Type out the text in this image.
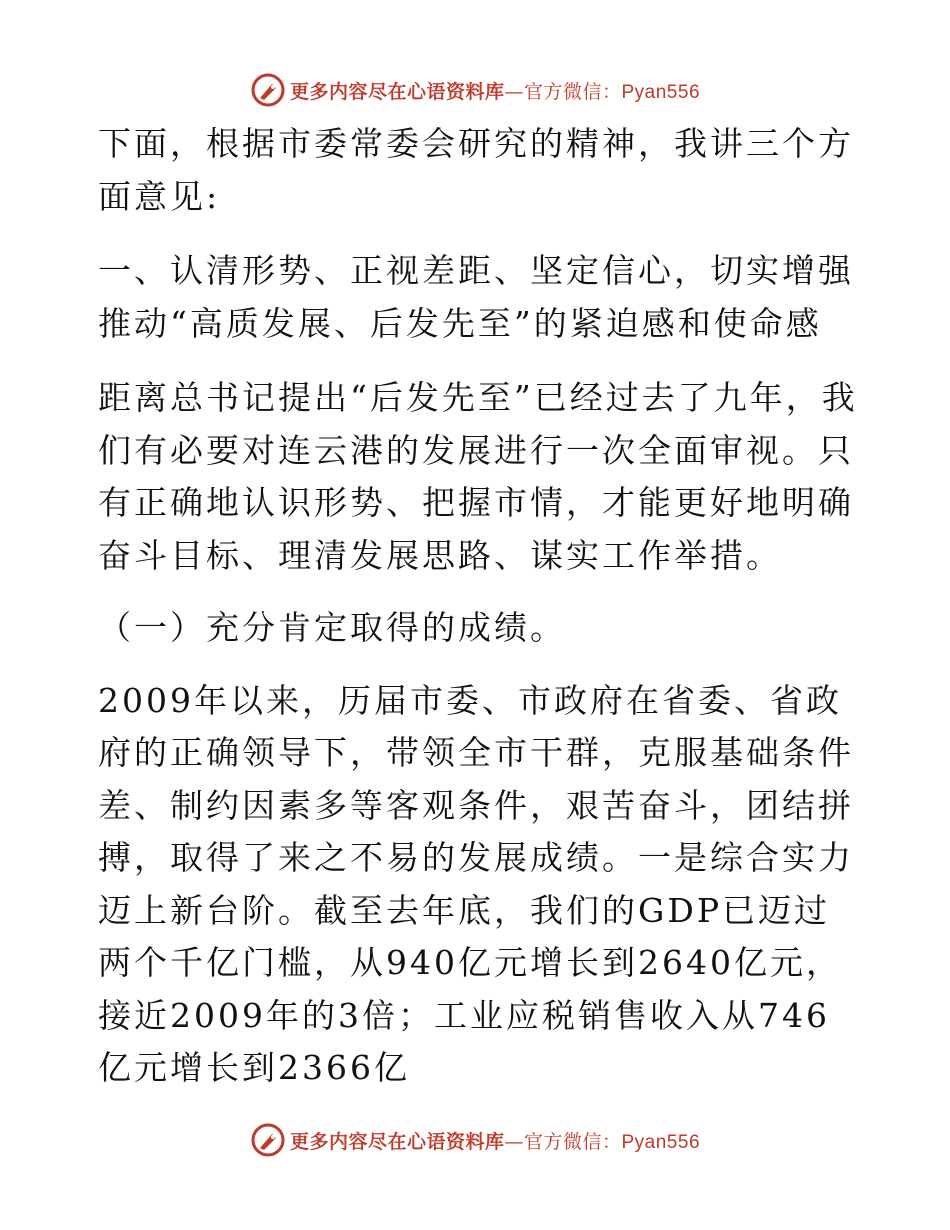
更多内容尽在心语资料库—官方微信：Pyan556

下面，根据市委常委会研究的精神，我讲三个方面意见:

一、认清形势、正视差距、坚定信心，切实增强推动“高质发展、后发先至”的紧迫感和使命感

距离总书记提出“后发先至”已经过去了九年，我们有必要对连云港的发展进行一次全面审视。只有正确地认识形势、把握市情，才能更好地明确奋斗目标、理清发展思路、谋实工作举措。

（一）充分肯定取得的成绩。

2009年以来，历届市委、市政府在省委、省政府的正确领导下，带领全市干群，克服基础条件差、制约因素多等客观条件，艰苦奋斗，团结拼搏，取得了来之不易的发展成绩。一是综合实力迈上新台阶。截至去年底，我们的GDP已迈过两个千亿门槛，从940亿元增长到2640亿元，接近2009年的3倍；工业应税销售收入从746亿元增长到2366亿

更多内容尽在心语资料库—官方微信：Pyan556
